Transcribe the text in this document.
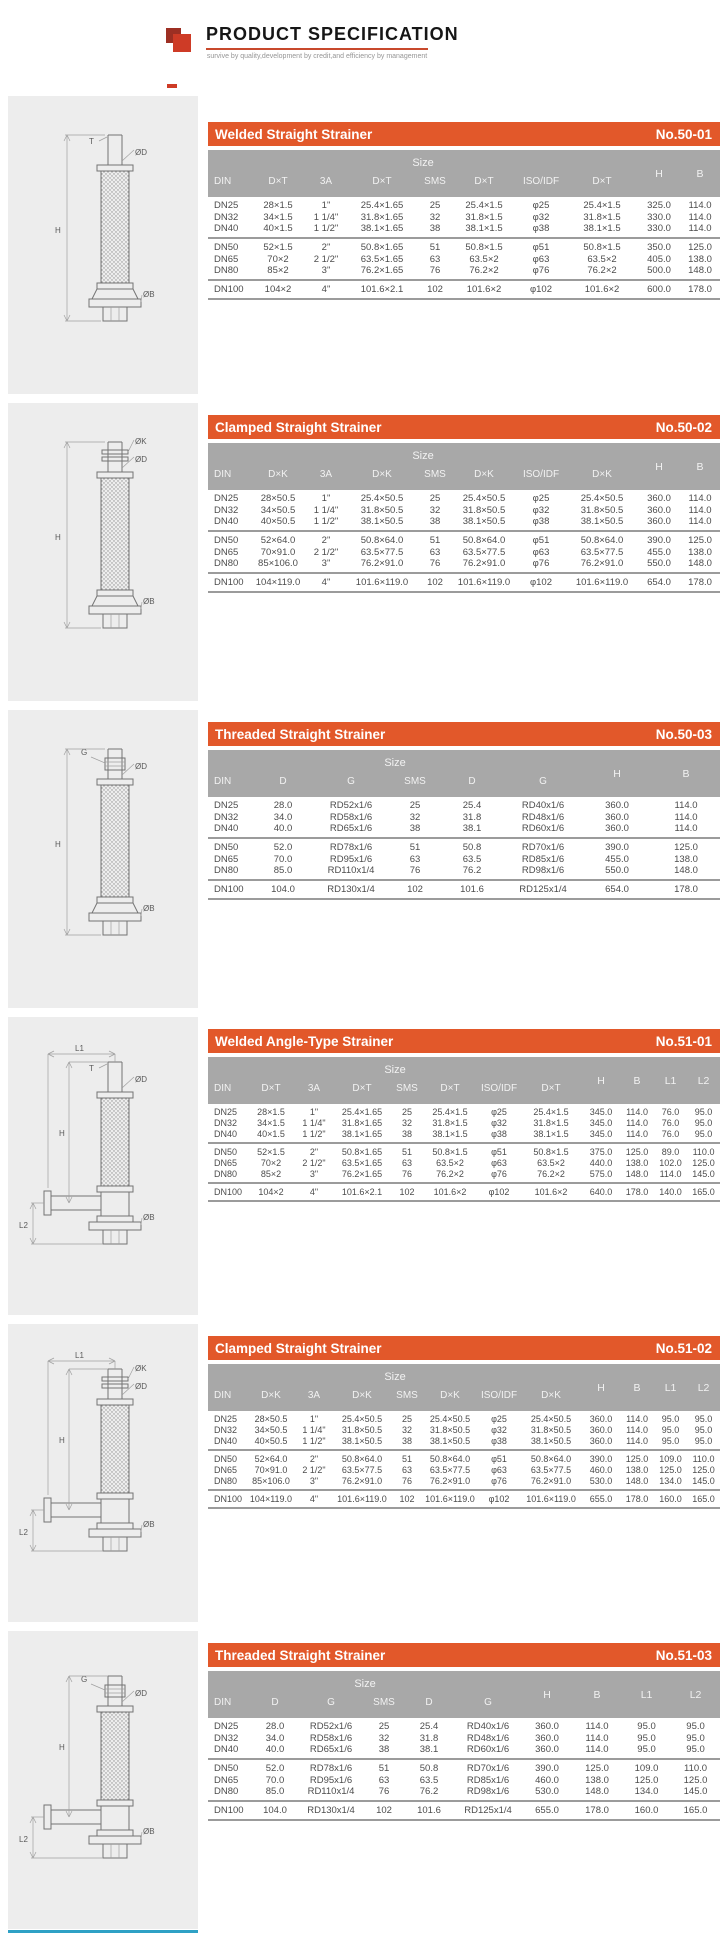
PRODUCT SPECIFICATION
survive by quality,development by credit,and efficiency by management
T
ØD
ØB
H
Welded Straight Strainer	No.50-01
Size								H	B
DIN	D×T	3A	D×T	SMS	D×T	ISO/IDF	D×T		
DN25	28×1.5	1"	25.4×1.65	25	25.4×1.5	φ25	25.4×1.5	325.0	114.0
DN32	34×1.5	1 1/4"	31.8×1.65	32	31.8×1.5	φ32	31.8×1.5	330.0	114.0
DN40	40×1.5	1 1/2"	38.1×1.65	38	38.1×1.5	φ38	38.1×1.5	330.0	114.0
DN50	52×1.5	2"	50.8×1.65	51	50.8×1.5	φ51	50.8×1.5	350.0	125.0
DN65	70×2	2 1/2"	63.5×1.65	63	63.5×2	φ63	63.5×2	405.0	138.0
DN80	85×2	3"	76.2×1.65	76	76.2×2	φ76	76.2×2	500.0	148.0
DN100	104×2	4"	101.6×2.1	102	101.6×2	φ102	101.6×2	600.0	178.0
ØK
ØD
ØB
H
Clamped Straight Strainer	No.50-02
Size								H	B
DIN	D×K	3A	D×K	SMS	D×K	ISO/IDF	D×K		
DN25	28×50.5	1"	25.4×50.5	25	25.4×50.5	φ25	25.4×50.5	360.0	114.0
DN32	34×50.5	1 1/4"	31.8×50.5	32	31.8×50.5	φ32	31.8×50.5	360.0	114.0
DN40	40×50.5	1 1/2"	38.1×50.5	38	38.1×50.5	φ38	38.1×50.5	360.0	114.0
DN50	52×64.0	2"	50.8×64.0	51	50.8×64.0	φ51	50.8×64.0	390.0	125.0
DN65	70×91.0	2 1/2"	63.5×77.5	63	63.5×77.5	φ63	63.5×77.5	455.0	138.0
DN80	85×106.0	3"	76.2×91.0	76	76.2×91.0	φ76	76.2×91.0	550.0	148.0
DN100	104×119.0	4"	101.6×119.0	102	101.6×119.0	φ102	101.6×119.0	654.0	178.0
G
ØD
ØB
H
Threaded Straight Strainer	No.50-03
Size						H	B
DIN	D	G	SMS	D	G		
DN25	28.0	RD52x1/6	25	25.4	RD40x1/6	360.0	114.0
DN32	34.0	RD58x1/6	32	31.8	RD48x1/6	360.0	114.0
DN40	40.0	RD65x1/6	38	38.1	RD60x1/6	360.0	114.0
DN50	52.0	RD78x1/6	51	50.8	RD70x1/6	390.0	125.0
DN65	70.0	RD95x1/6	63	63.5	RD85x1/6	455.0	138.0
DN80	85.0	RD110x1/4	76	76.2	RD98x1/6	550.0	148.0
DN100	104.0	RD130x1/4	102	101.6	RD125x1/4	654.0	178.0
T
ØD
L1
ØB
H
L2
Welded Angle-Type Strainer	No.51-01
Size								H	B	L1	L2
DIN	D×T	3A	D×T	SMS	D×T	ISO/IDF	D×T				
DN25	28×1.5	1"	25.4×1.65	25	25.4×1.5	φ25	25.4×1.5	345.0	114.0	76.0	95.0
DN32	34×1.5	1 1/4"	31.8×1.65	32	31.8×1.5	φ32	31.8×1.5	345.0	114.0	76.0	95.0
DN40	40×1.5	1 1/2"	38.1×1.65	38	38.1×1.5	φ38	38.1×1.5	345.0	114.0	76.0	95.0
DN50	52×1.5	2"	50.8×1.65	51	50.8×1.5	φ51	50.8×1.5	375.0	125.0	89.0	110.0
DN65	70×2	2 1/2"	63.5×1.65	63	63.5×2	φ63	63.5×2	440.0	138.0	102.0	125.0
DN80	85×2	3"	76.2×1.65	76	76.2×2	φ76	76.2×2	575.0	148.0	114.0	145.0
DN100	104×2	4"	101.6×2.1	102	101.6×2	φ102	101.6×2	640.0	178.0	140.0	165.0
ØK
ØD
L1
ØB
H
L2
Clamped Straight Strainer	No.51-02
Size								H	B	L1	L2
DIN	D×K	3A	D×K	SMS	D×K	ISO/IDF	D×K				
DN25	28×50.5	1"	25.4×50.5	25	25.4×50.5	φ25	25.4×50.5	360.0	114.0	95.0	95.0
DN32	34×50.5	1 1/4"	31.8×50.5	32	31.8×50.5	φ32	31.8×50.5	360.0	114.0	95.0	95.0
DN40	40×50.5	1 1/2"	38.1×50.5	38	38.1×50.5	φ38	38.1×50.5	360.0	114.0	95.0	95.0
DN50	52×64.0	2"	50.8×64.0	51	50.8×64.0	φ51	50.8×64.0	390.0	125.0	109.0	110.0
DN65	70×91.0	2 1/2"	63.5×77.5	63	63.5×77.5	φ63	63.5×77.5	460.0	138.0	125.0	125.0
DN80	85×106.0	3"	76.2×91.0	76	76.2×91.0	φ76	76.2×91.0	530.0	148.0	134.0	145.0
DN100	104×119.0	4"	101.6×119.0	102	101.6×119.0	φ102	101.6×119.0	655.0	178.0	160.0	165.0
G
ØD
ØB
H
L2
Threaded Straight Strainer	No.51-03
Size						H	B	L1	L2
DIN	D	G	SMS	D	G				
DN25	28.0	RD52x1/6	25	25.4	RD40x1/6	360.0	114.0	95.0	95.0
DN32	34.0	RD58x1/6	32	31.8	RD48x1/6	360.0	114.0	95.0	95.0
DN40	40.0	RD65x1/6	38	38.1	RD60x1/6	360.0	114.0	95.0	95.0
DN50	52.0	RD78x1/6	51	50.8	RD70x1/6	390.0	125.0	109.0	110.0
DN65	70.0	RD95x1/6	63	63.5	RD85x1/6	460.0	138.0	125.0	125.0
DN80	85.0	RD110x1/4	76	76.2	RD98x1/6	530.0	148.0	134.0	145.0
DN100	104.0	RD130x1/4	102	101.6	RD125x1/4	655.0	178.0	160.0	165.0
